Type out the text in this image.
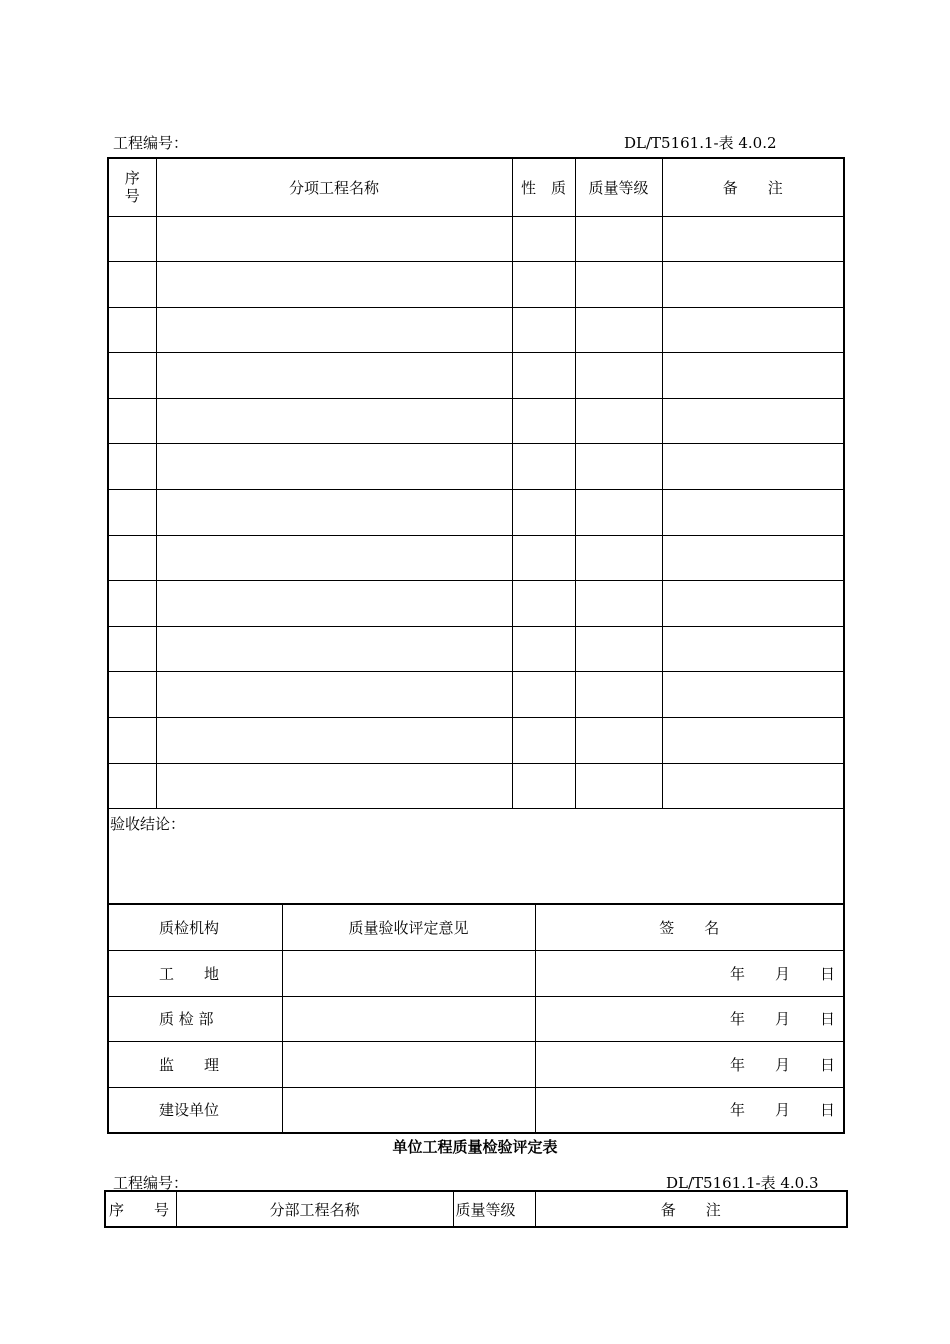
工程编号：	DL/T5161.1-表 4.0.2
序
号	分项工程名称	性　质	质量等级	备　　注

验收结论：				
质检机构	质量验收评定意见	签　　名
工　　地		年　　月　　日
质 检 部		年　　月　　日
监　　理		年　　月　　日
建设单位		年　　月　　日
单位工程质量检验评定表
工程编号：	DL/T5161.1-表 4.0.3
序　　号	分部工程名称	质量等级	备　　注
